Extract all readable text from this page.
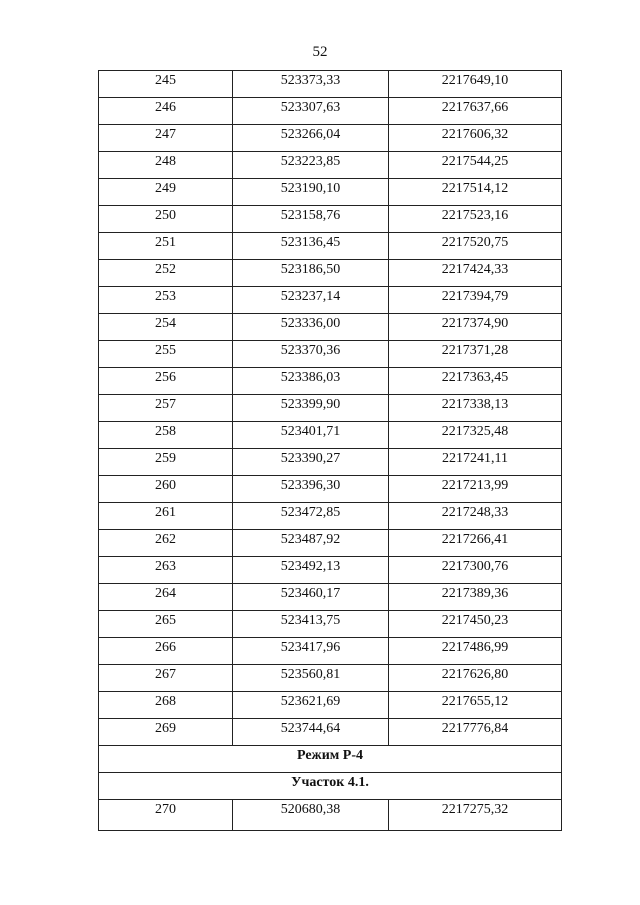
52
245	523373,33	2217649,10
246	523307,63	2217637,66
247	523266,04	2217606,32
248	523223,85	2217544,25
249	523190,10	2217514,12
250	523158,76	2217523,16
251	523136,45	2217520,75
252	523186,50	2217424,33
253	523237,14	2217394,79
254	523336,00	2217374,90
255	523370,36	2217371,28
256	523386,03	2217363,45
257	523399,90	2217338,13
258	523401,71	2217325,48
259	523390,27	2217241,11
260	523396,30	2217213,99
261	523472,85	2217248,33
262	523487,92	2217266,41
263	523492,13	2217300,76
264	523460,17	2217389,36
265	523413,75	2217450,23
266	523417,96	2217486,99
267	523560,81	2217626,80
268	523621,69	2217655,12
269	523744,64	2217776,84
Режим Р-4		
Участок 4.1.		
270	520680,38	2217275,32
